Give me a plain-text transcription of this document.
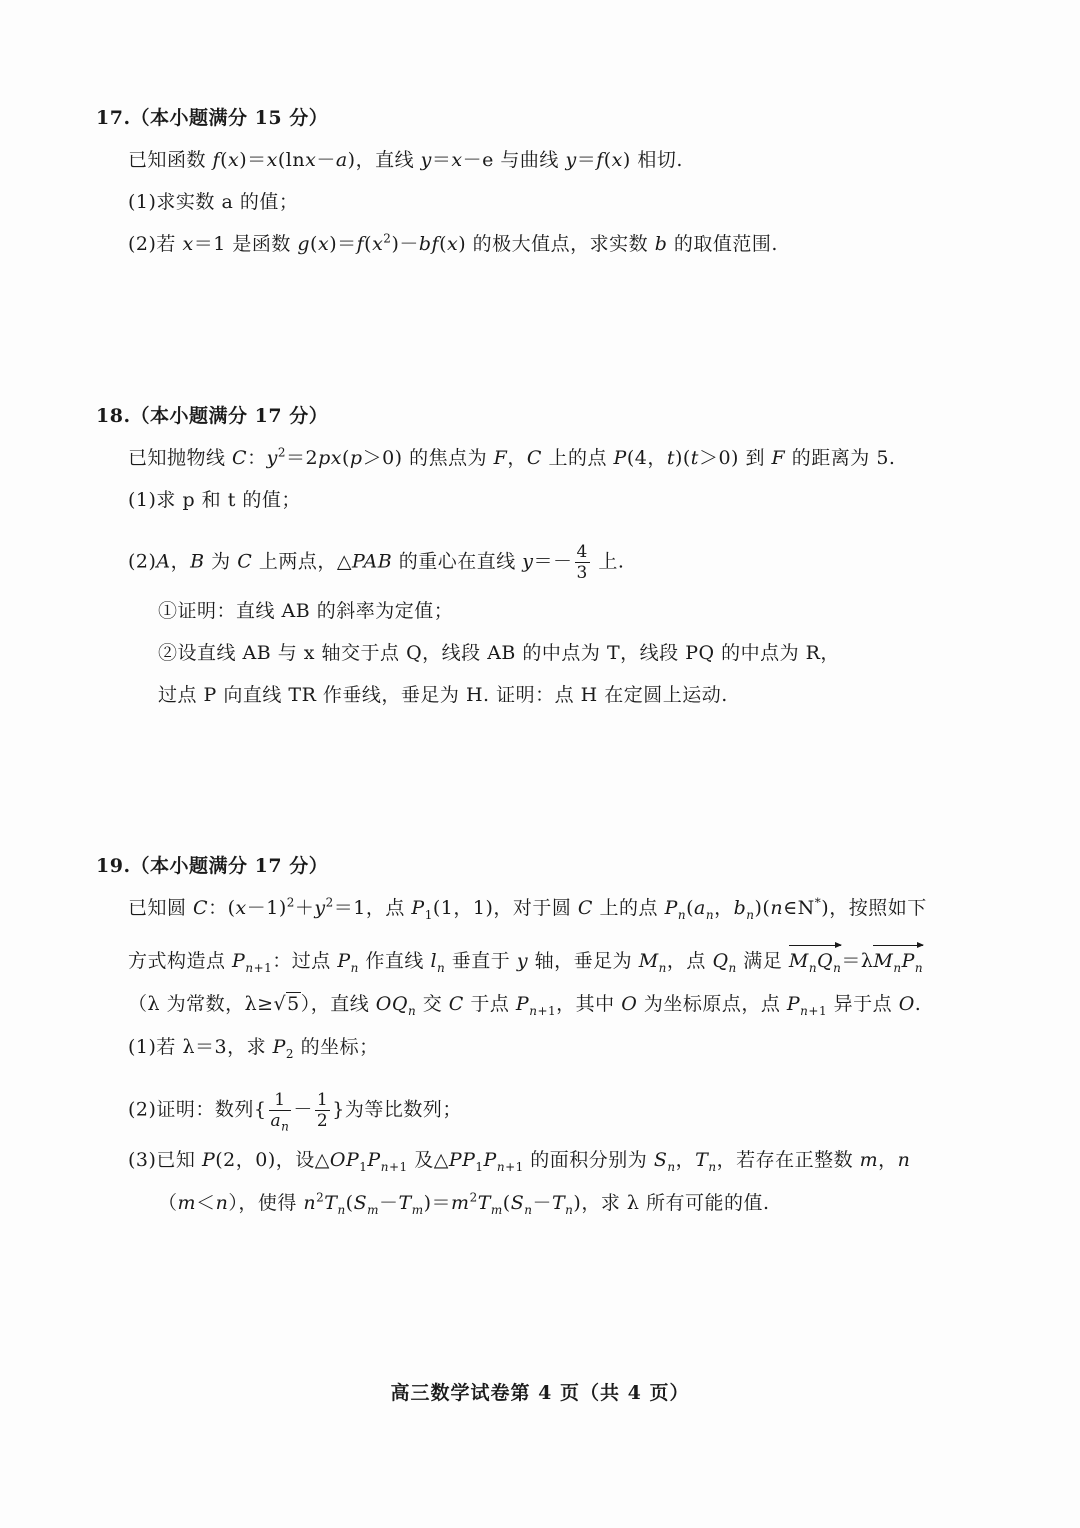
17.（本小题满分 15 分）
已知函数 f(x)＝x(lnx－a)，直线 y＝x－e 与曲线 y＝f(x) 相切.
(1)求实数 a 的值；
(2)若 x＝1 是函数 $g(x)=f(x^2)-bf(x)$ 的极大值点，求实数 b 的取值范围.
18.（本小题满分 17 分）
已知抛物线 C：$y^2=2px(p>0)$ 的焦点为 F，C 上的点 P(4，t)(t＞0) 到 F 的距离为 5.
(1)求 p 和 t 的值；
(2)A，B 为 C 上两点，△PAB 的重心在直线 $y=- \frac{4}{3}$ 上.
①证明：直线 AB 的斜率为定值；
②设直线 AB 与 x 轴交于点 Q，线段 AB 的中点为 T，线段 PQ 的中点为 R，
过点 P 向直线 TR 作垂线，垂足为 H. 证明：点 H 在定圆上运动.
19.（本小题满分 17 分）
已知圆 C：$(x-1)^2+y^2=1$，点 $P_1(1$，1)，对于圆 C 上的点 $P_n(a_n$，$b_n)(n\in N^*)$，按照如下
方式构造点 $P_{n+1}$：过点 $P_n$ 作直线 $l_n$ 垂直于 y 轴，垂足为 $M_n$，点 $Q_n$ 满足 $M_nQ_n=\lambda M_nP_n$
（λ 为常数，λ≥√5），直线 $OQ_n$ 交 C 于点 $P_{n+1}$，其中 O 为坐标原点，点 $P_{n+1}$ 异于点 O.
(1)若 λ＝3，求 $P_2$ 的坐标；
(2)证明：数列{ $\frac{1}{a_n} - \frac{1}{2}$ }为等比数列；
(3)已知 P(2，0)，设$\triangle OP_1P_{n+1}$ 及$\triangle PP_1P_{n+1}$ 的面积分别为 $S_n$，$T_n$，若存在正整数 m，n
（m＜n），使得 $n^2T_n(S_m-T_m)=m^2T_m(S_n-T_n)$，求 λ 所有可能的值.
高三数学试卷第 4 页（共 4 页）
